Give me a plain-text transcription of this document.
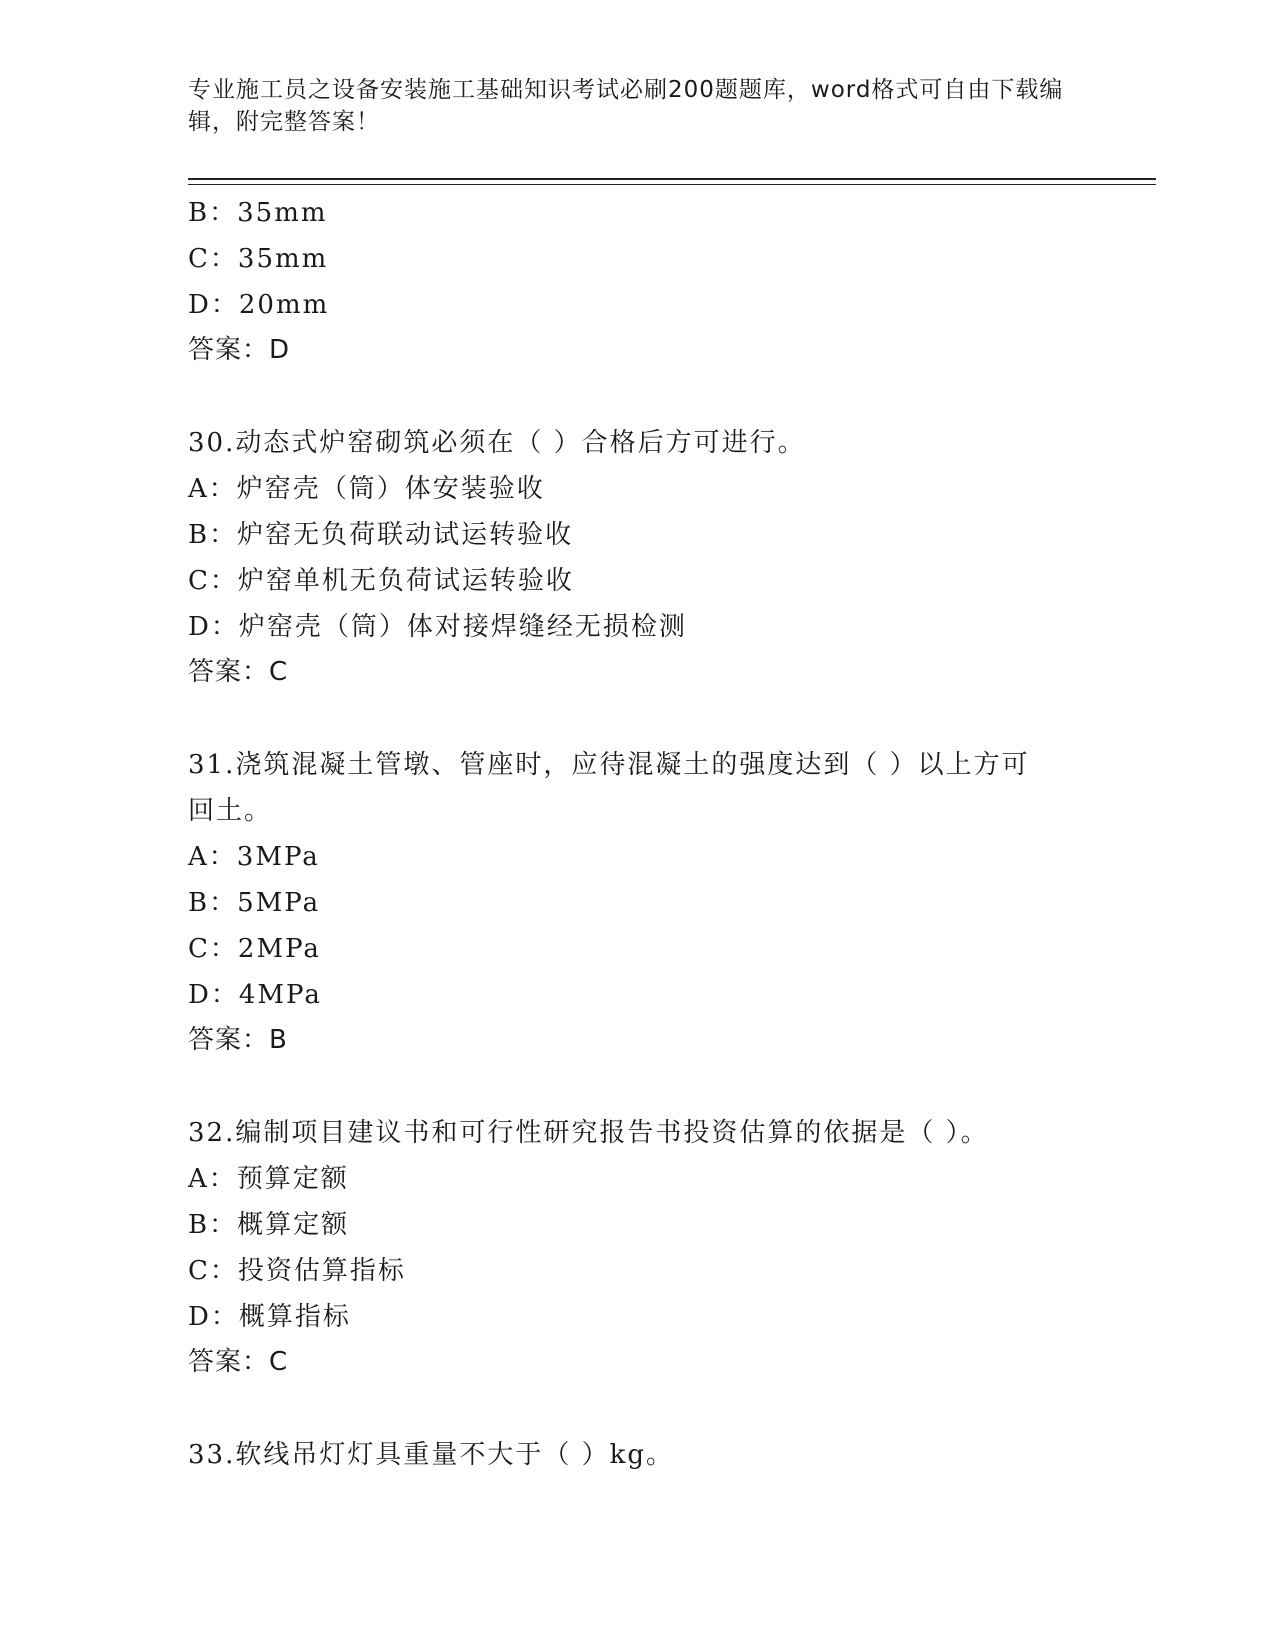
专业施工员之设备安装施工基础知识考试必刷200题题库，word格式可自由下载编辑，附完整答案！
B：35mm
C：35mm
D：20mm
答案：D
30.动态式炉窑砌筑必须在（ ）合格后方可进行。
A：炉窑壳（筒）体安装验收
B：炉窑无负荷联动试运转验收
C：炉窑单机无负荷试运转验收
D：炉窑壳（筒）体对接焊缝经无损检测
答案：C
31.浇筑混凝土管墩、管座时，应待混凝土的强度达到（ ）以上方可
回土。
A：3MPa
B：5MPa
C：2MPa
D：4MPa
答案：B
32.编制项目建议书和可行性研究报告书投资估算的依据是（ ）。
A：预算定额
B：概算定额
C：投资估算指标
D：概算指标
答案：C
33.软线吊灯灯具重量不大于（ ）kg。
